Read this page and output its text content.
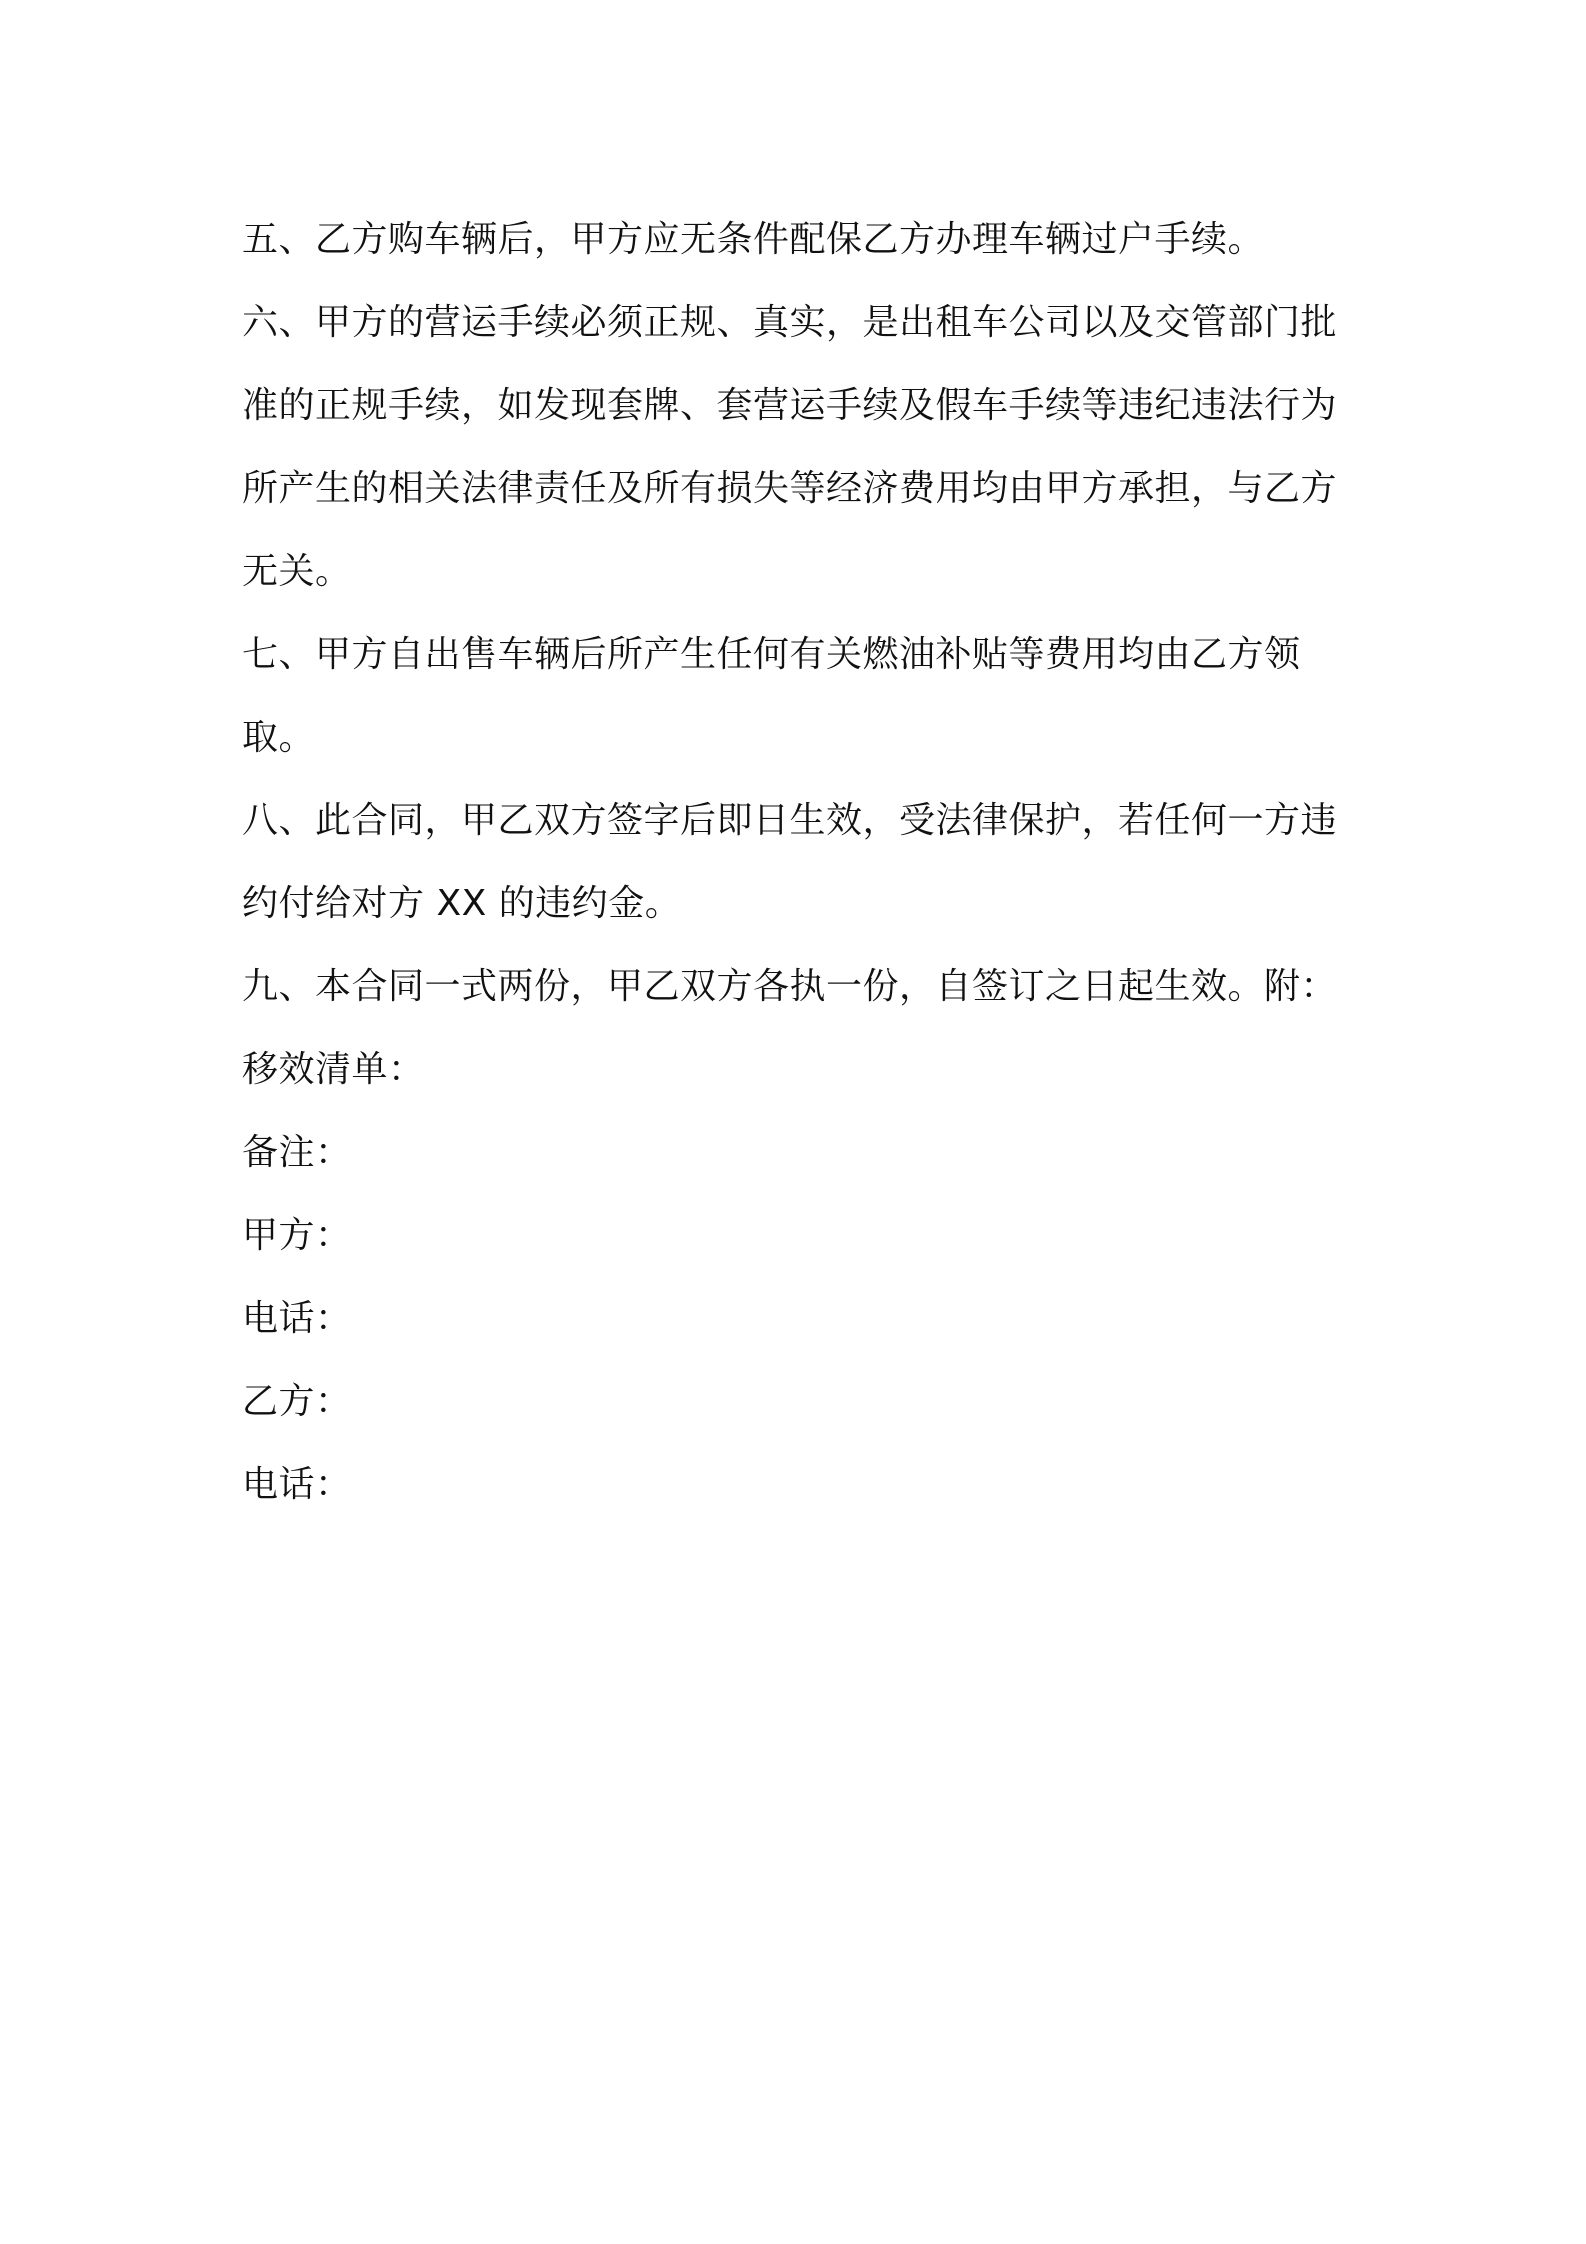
五、乙方购车辆后，甲方应无条件配保乙方办理车辆过户手续。

六、甲方的营运手续必须正规、真实，是出租车公司以及交管部门批准的正规手续，如发现套牌、套营运手续及假车手续等违纪违法行为所产生的相关法律责任及所有损失等经济费用均由甲方承担，与乙方无关。

七、甲方自出售车辆后所产生任何有关燃油补贴等费用均由乙方领取。

八、此合同，甲乙双方签字后即日生效，受法律保护，若任何一方违约付给对方 XX 的违约金。

九、本合同一式两份，甲乙双方各执一份，自签订之日起生效。附：

移效清单：

备注：

甲方：

电话：

乙方：

电话：
